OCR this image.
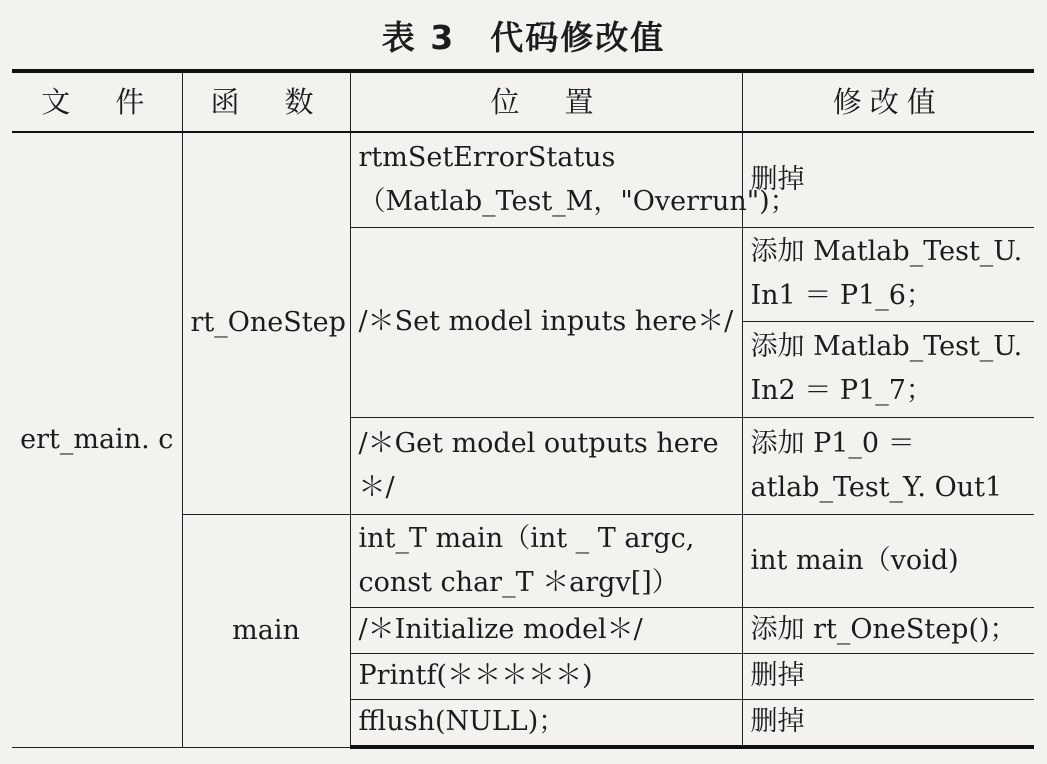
表 3　代码修改值
文　件	函　数	位　置	修改值
ert_main. c	rt_OneStep	rtmSetErrorStatus（Matlab_Test_M，"Overrun")；	删掉
		/＊Set model inputs here＊/	添加 Matlab_Test_U. In1 ＝ P1_6；
			添加 Matlab_Test_U. In2 ＝ P1_7；
		/＊Get model outputs here ＊/	添加 P1_0 ＝ atlab_Test_Y. Out1
	main	int_T main（int _ T argc, const char_T ＊argv[]）	int main（void)
		/＊Initialize model＊/	添加 rt_OneStep()；
		Printf(＊＊＊＊＊)	删掉
		fflush(NULL)；	删掉
